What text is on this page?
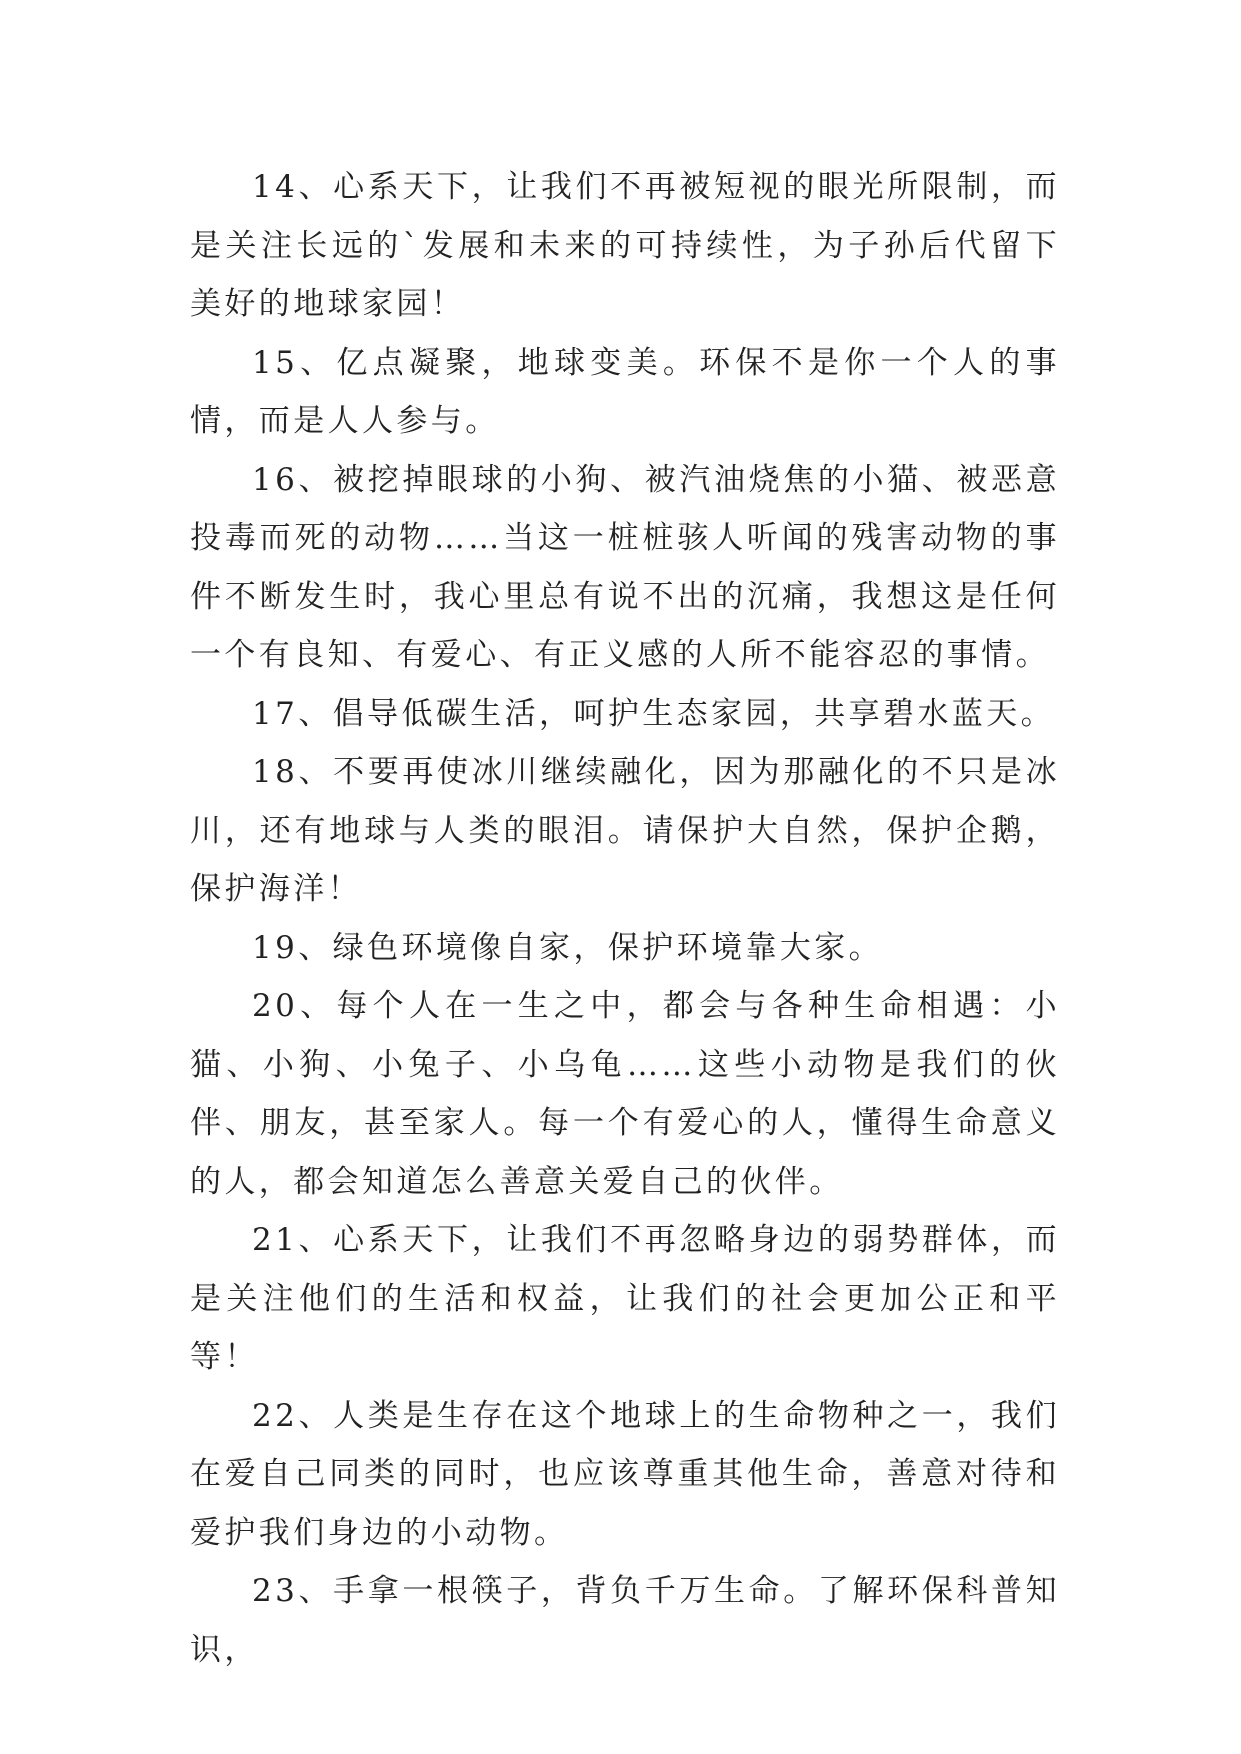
14、心系天下，让我们不再被短视的眼光所限制，而是关注长远的`发展和未来的可持续性，为子孙后代留下美好的地球家园！

15、亿点凝聚，地球变美。环保不是你一个人的事情，而是人人参与。

16、被挖掉眼球的小狗、被汽油烧焦的小猫、被恶意投毒而死的动物……当这一桩桩骇人听闻的残害动物的事件不断发生时，我心里总有说不出的沉痛，我想这是任何一个有良知、有爱心、有正义感的人所不能容忍的事情。

17、倡导低碳生活，呵护生态家园，共享碧水蓝天。

18、不要再使冰川继续融化，因为那融化的不只是冰川，还有地球与人类的眼泪。请保护大自然，保护企鹅，保护海洋！

19、绿色环境像自家，保护环境靠大家。

20、每个人在一生之中，都会与各种生命相遇：小猫、小狗、小兔子、小乌龟……这些小动物是我们的伙伴、朋友，甚至家人。每一个有爱心的人，懂得生命意义的人，都会知道怎么善意关爱自己的伙伴。

21、心系天下，让我们不再忽略身边的弱势群体，而是关注他们的生活和权益，让我们的社会更加公正和平等！

22、人类是生存在这个地球上的生命物种之一，我们在爱自己同类的同时，也应该尊重其他生命，善意对待和爱护我们身边的小动物。

23、手拿一根筷子，背负千万生命。了解环保科普知识，
